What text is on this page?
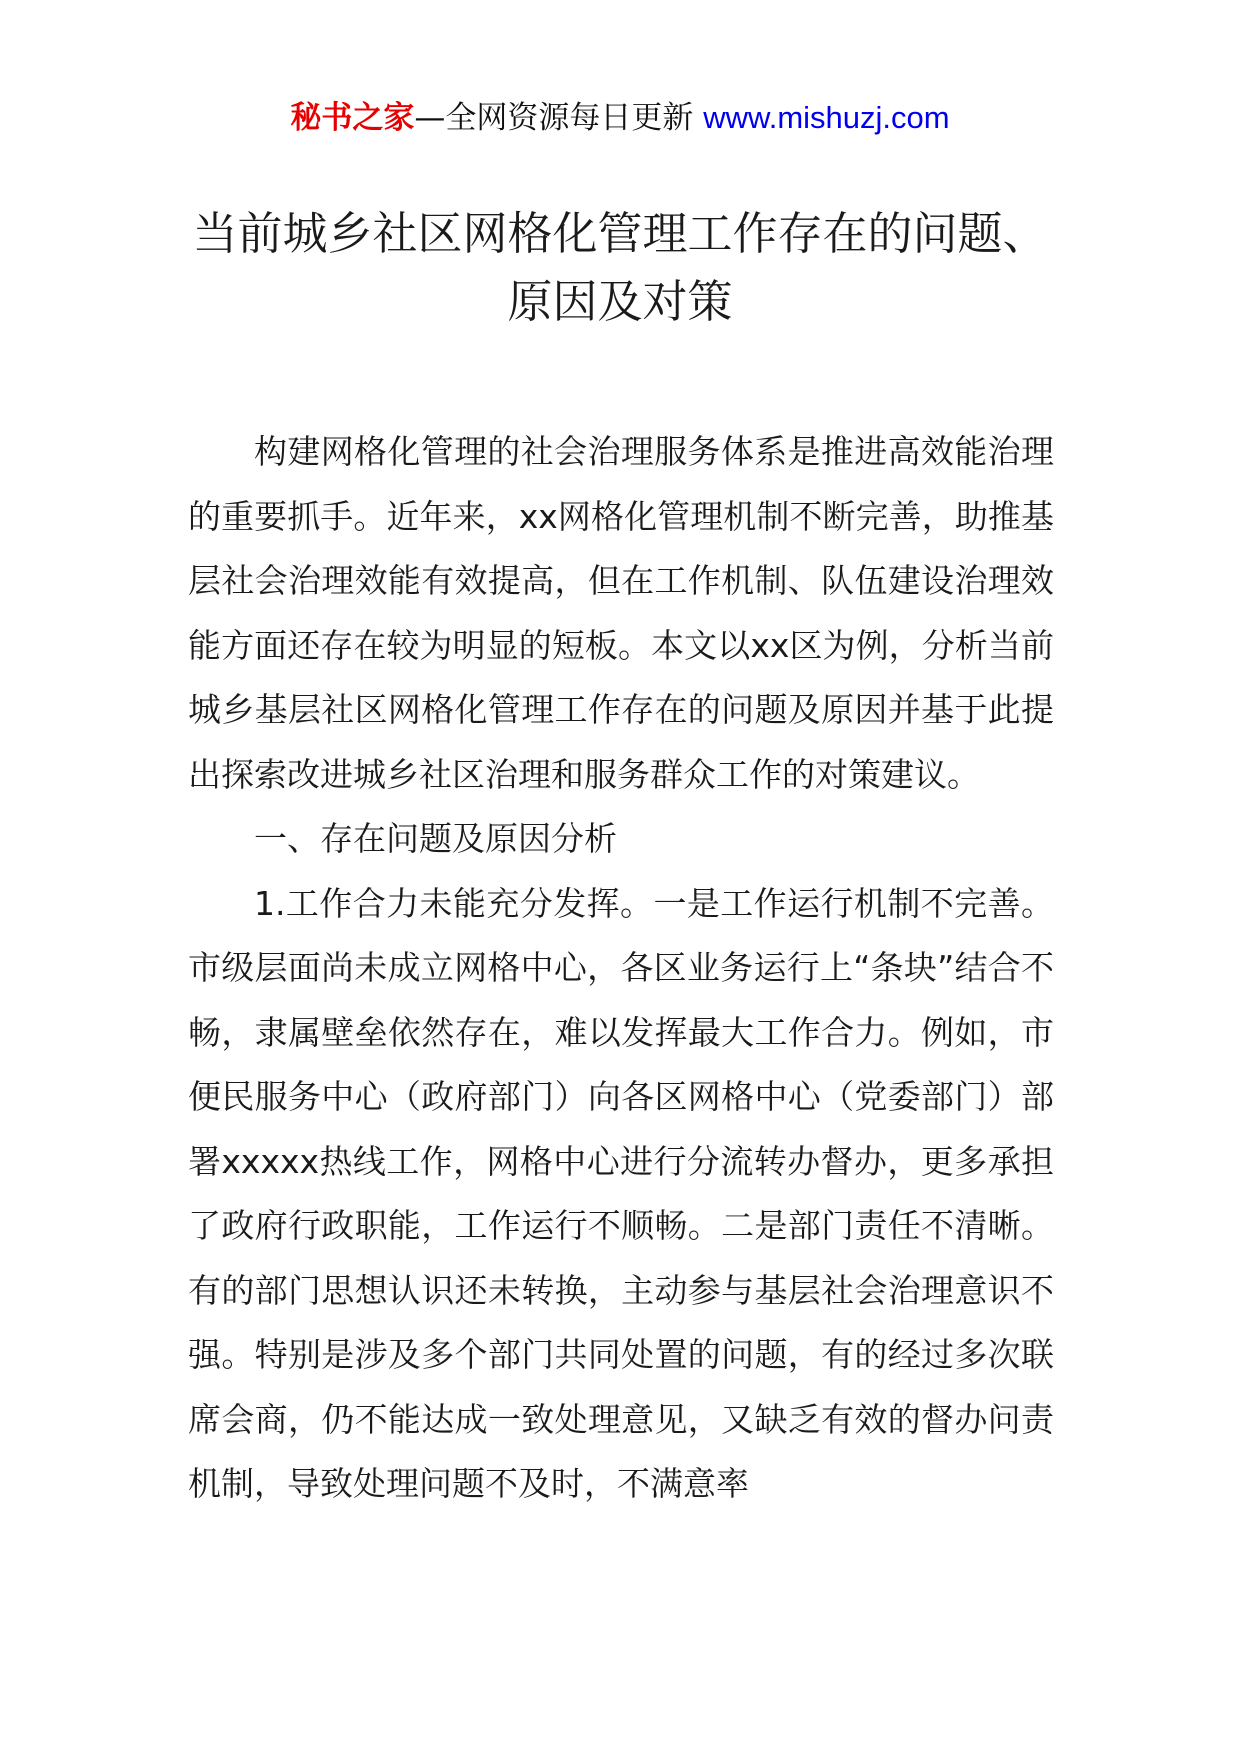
秘书之家—全网资源每日更新 www.mishuzj.com
当前城乡社区网格化管理工作存在的问题、
原因及对策

构建网格化管理的社会治理服务体系是推进高效能治理的重要抓手。近年来，xx网格化管理机制不断完善，助推基层社会治理效能有效提高，但在工作机制、队伍建设治理效能方面还存在较为明显的短板。本文以xx区为例，分析当前城乡基层社区网格化管理工作存在的问题及原因并基于此提出探索改进城乡社区治理和服务群众工作的对策建议。

一、存在问题及原因分析

1.工作合力未能充分发挥。一是工作运行机制不完善。市级层面尚未成立网格中心，各区业务运行上“条块”结合不畅，隶属壁垒依然存在，难以发挥最大工作合力。例如，市便民服务中心（政府部门）向各区网格中心（党委部门）部署xxxxx热线工作，网格中心进行分流转办督办，更多承担了政府行政职能，工作运行不顺畅。二是部门责任不清晰。有的部门思想认识还未转换，主动参与基层社会治理意识不强。特别是涉及多个部门共同处置的问题，有的经过多次联席会商，仍不能达成一致处理意见，又缺乏有效的督办问责机制，导致处理问题不及时，不满意率
